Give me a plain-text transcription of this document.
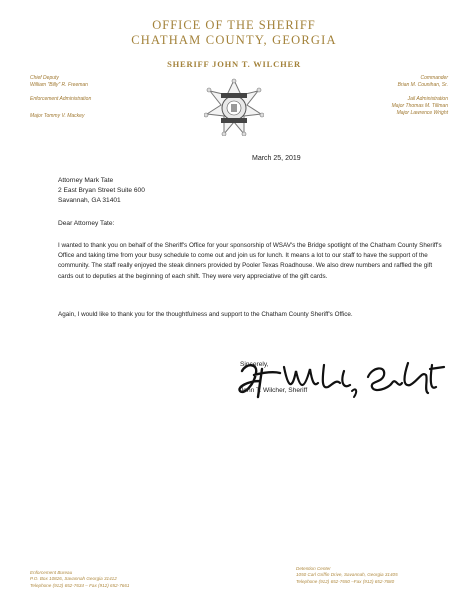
OFFICE OF THE SHERIFF
CHATHAM COUNTY, GEORGIA
SHERIFF JOHN T. WILCHER
Chief Deputy
William "Billy" R. Freeman
Enforcement Administration
Major Tommy V. Mackey
Commander
Brian M. Counihan, Sr.
Jail Administration
Major Thomas M. Tillman
Major Lawrence Wright
March 25, 2019
Attorney Mark Tate
2 East Bryan Street Suite 600
Savannah, GA 31401
Dear Attorney Tate:
I wanted to thank you on behalf of the Sheriff's Office for your sponsorship of WSAV's the Bridge spotlight of the Chatham County Sheriff's Office and taking time from your busy schedule to come out and join us for lunch. It means a lot to our staff to have the support of the community. The staff really enjoyed the steak dinners provided by Pooler Texas Roadhouse. We also drew numbers and raffled the gift cards out to deputies at the beginning of each shift. They were very appreciative of the gift cards.
Again, I would like to thank you for the thoughtfulness and support to the Chatham County Sheriff's Office.
Sincerely,
John T. Wilcher, Sheriff
Enforcement Bureau
P.O. Box 10826, Savannah Georgia 31412
Telephone (912) 652-7634 – Fax (912) 652-7661
Detention Center
1050 Carl Griffin Drive, Savannah, Georgia 31405
Telephone (912) 652-7650 –Fax (912) 652-7680
